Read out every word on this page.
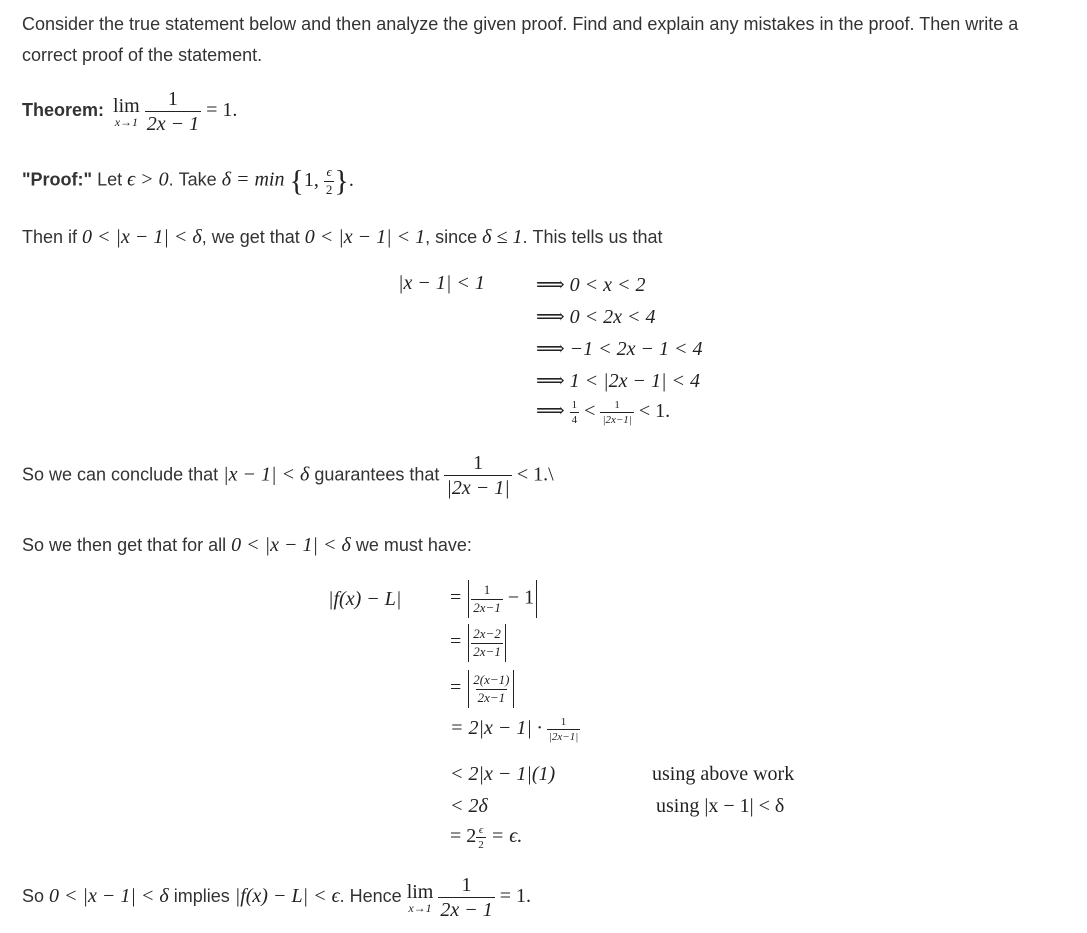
Consider the true statement below and then analyze the given proof. Find and explain any mistakes in the proof. Then write a
correct proof of the statement.
Theorem: lim
x→1
$\frac{1}{2x - 1} = 1$.
"Proof:" Let ϵ > 0. Take δ = min {1, $\frac{\epsilon}{2}$ }.
Then if 0 < |x − 1| < δ, we get that 0 < |x − 1| < 1, since δ ≤ 1. This tells us that
|x − 1| < 1	⟹ 0 < x < 2
⟹ 0 < 2x < 4
⟹ −1 < 2x − 1 < 4
⟹ 1 < |2x − 1| < 4
⟹ $\frac{1}{4} < \frac{1}{|2x-1|} < 1$.
So we can conclude that |x − 1| < δ guarantees that $\frac{1}{|2x - 1|}$ < 1.\
So we then get that for all 0 < |x − 1| < δ we must have:
$|f(x) - L| = \frac{1}{2x-1} - 1$
= $\frac{2x-2}{2x-1}$
= $\frac{2(x-1)}{2x-1}$
= $2|x - 1| \cdot \frac{1}{|2x-1|}$
< 2|x − 1|(1)	using above work
< 2δ	using |x − 1| < δ
= $2 \frac{\epsilon}{2} = \epsilon$.
So 0 < |x − 1| < δ implies |f(x) − L| < ϵ. Hence lim
x→1
$\frac{1}{2x - 1} = 1$.
